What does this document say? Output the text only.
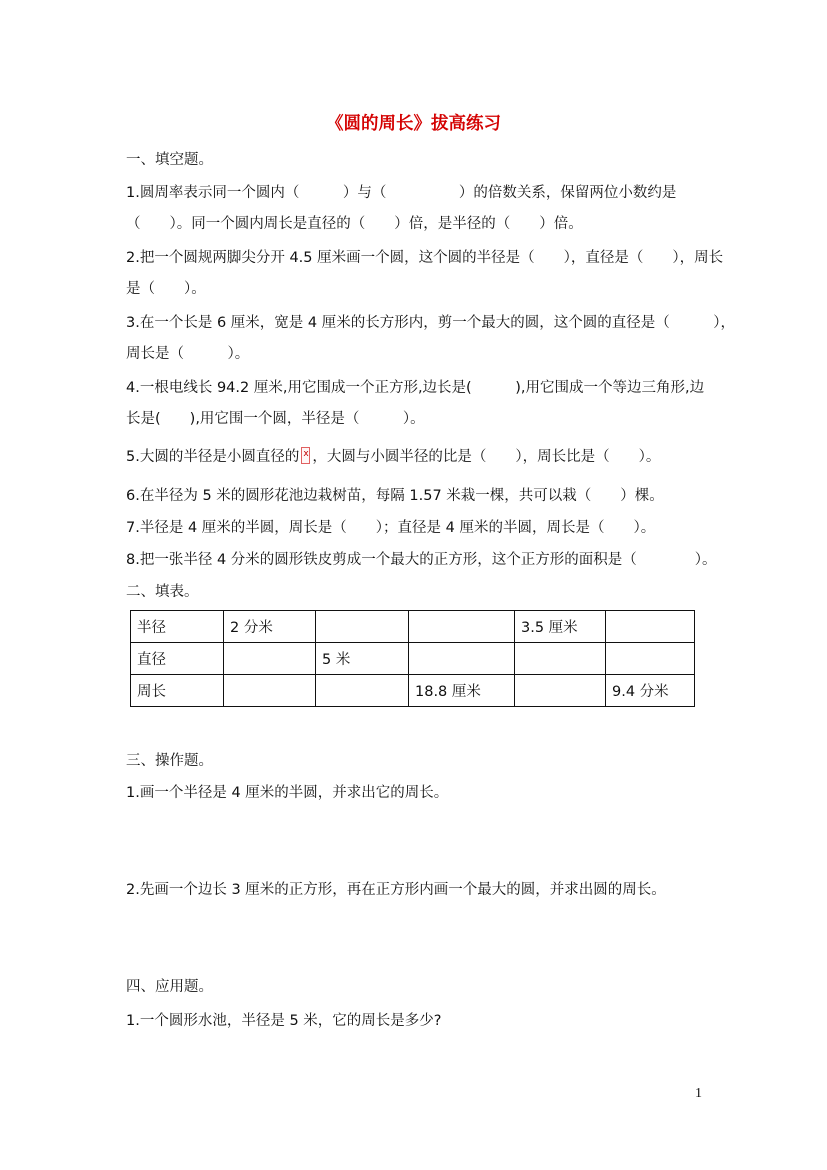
《圆的周长》拔高练习
一、填空题。
1.圆周率表示同一个圆内（　　　）与（　　　　　）的倍数关系，保留两位小数约是
（　　）。同一个圆内周长是直径的（　　）倍，是半径的（　　）倍。
2.把一个圆规两脚尖分开 4.5 厘米画一个圆，这个圆的半径是（　　），直径是（　　），周长
是（　　）。
3.在一个长是 6 厘米，宽是 4 厘米的长方形内，剪一个最大的圆，这个圆的直径是（　　　），
周长是（　　　）。
4.一根电线长 94.2 厘米,用它围成一个正方形,边长是(　　　),用它围成一个等边三角形,边
长是(　　),用它围一个圆，半径是（　　　）。
5.大圆的半径是小圆直径的 x ，大圆与小圆半径的比是（　　），周长比是（　　）。
6.在半径为 5 米的圆形花池边栽树苗，每隔 1.57 米栽一棵，共可以栽（　　）棵。
7.半径是 4 厘米的半圆，周长是（　　）；直径是 4 厘米的半圆，周长是（　　）。
8.把一张半径 4 分米的圆形铁皮剪成一个最大的正方形，这个正方形的面积是（　　　　）。
二、填表。
半径	2 分米			3.5 厘米	
直径		5 米			
周长			18.8 厘米		9.4 分米
三、操作题。
1.画一个半径是 4 厘米的半圆，并求出它的周长。
2.先画一个边长 3 厘米的正方形，再在正方形内画一个最大的圆，并求出圆的周长。
四、应用题。
1.一个圆形水池，半径是 5 米，它的周长是多少?
1
